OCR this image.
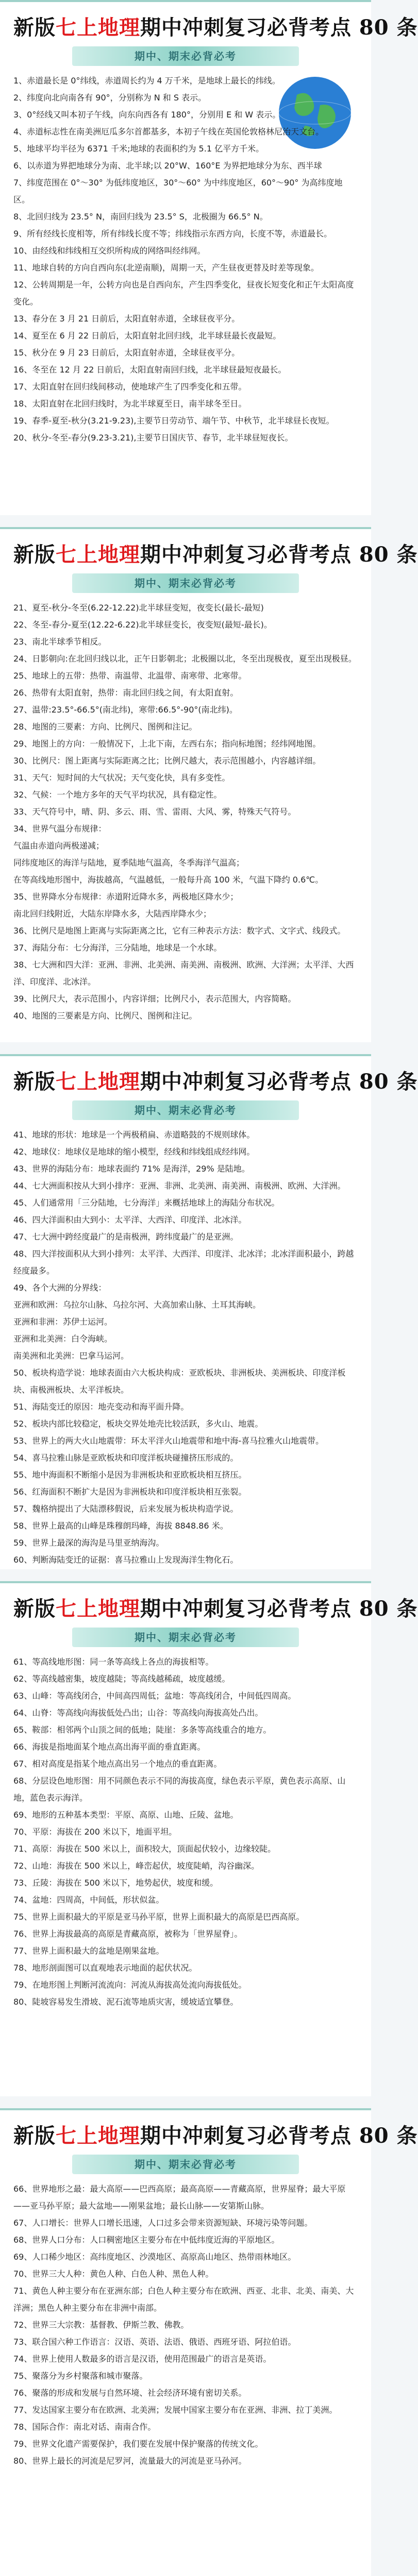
新版七上地理期中冲刺复习必背考点 80 条
期中、期末必背必考

1、赤道最长是 0°纬线，赤道周长约为 4 万千米，是地球上最长的纬线。

2、纬度向北向南各有 90°，分别称为 N 和 S 表示。

3、0°经线又叫本初子午线，向东向西各有 180°，分别用 E 和 W 表示。

4、赤道标志性在南美洲厄瓜多尔首都基多，本初子午线在英国伦敦格林尼治天文台。

5、地球平均半径为 6371 千米;地球的表面积约为 5.1 亿平方千米。

6、以赤道为界把地球分为南、北半球;以 20°W、160°E 为界把地球分为东、西半球

7、纬度范围在 0°～30° 为低纬度地区，30°～60° 为中纬度地区，60°～90° 为高纬度地区。

8、北回归线为 23.5° N，南回归线为 23.5° S，北极圈为 66.5° N。

9、所有经线长度相等，所有纬线长度不等；纬线指示东西方向，长度不等，赤道最长。

10、由经线和纬线相互交织所构成的网络叫经纬网。

11、地球自转的方向自西向东(北逆南顺)，周期一天，产生昼夜更替及时差等现象。

12、公转周期是一年，公转方向也是自西向东，产生四季变化，昼夜长短变化和正午太阳高度变化。

13、春分在 3 月 21 日前后，太阳直射赤道，全球昼夜平分。

14、夏至在 6 月 22 日前后，太阳直射北回归线，北半球昼最长夜最短。

15、秋分在 9 月 23 日前后，太阳直射赤道，全球昼夜平分。

16、冬至在 12 月 22 日前后，太阳直射南回归线，北半球昼最短夜最长。

17、太阳直射在回归线间移动，使地球产生了四季变化和五带。

18、太阳直射在北回归线时，为北半球夏至日，南半球冬至日。

19、春季-夏至-秋分(3.21-9.23),主要节日劳动节、端午节、中秋节，北半球昼长夜短。

20、秋分-冬至-春分(9.23-3.21),主要节日国庆节、春节，北半球昼短夜长。

新版七上地理期中冲刺复习必背考点 80 条
期中、期末必背必考

21、夏至-秋分-冬至(6.22-12.22)北半球昼变短，夜变长(最长-最短)

22、冬至-春分-夏至(12.22-6.22)北半球昼变长，夜变短(最短-最长)。

23、南北半球季节相反。

24、日影朝向:在北回归线以北，正午日影朝北；北极圈以北，冬至出现极夜，夏至出现极昼。

25、地球上的五带：热带、南温带、北温带、南寒带、北寒带。

26、热带有太阳直射，热带：南北回归线之间，有太阳直射。

27、温带:23.5°-66.5°(南北纬)，寒带:66.5°-90°(南北纬)。

28、地图的三要素：方向、比例尺、图例和注记。

29、地图上的方向：一般情况下，上北下南，左西右东；指向标地图；经纬网地图。

30、比例尺：图上距离与实际距离之比；比例尺越大，表示范围越小，内容越详细。

31、天气：短时间的大气状况；天气变化快，具有多变性。

32、气候：一个地方多年的天气平均状况，具有稳定性。

33、天气符号中，晴、阴、多云、雨、雪、雷雨、大风、雾，特殊天气符号。

34、世界气温分布规律：

气温由赤道向两极递减；

同纬度地区的海洋与陆地，夏季陆地气温高，冬季海洋气温高；

在等高线地形图中，海拔越高，气温越低，一般每升高 100 米，气温下降约 0.6℃。

35、世界降水分布规律：赤道附近降水多，两极地区降水少；

南北回归线附近，大陆东岸降水多，大陆西岸降水少；

36、比例尺是地图上距离与实际距离之比，它有三种表示方法：数字式、文字式、线段式。

37、海陆分布：七分海洋，三分陆地，地球是一个水球。

38、七大洲和四大洋：亚洲、非洲、北美洲、南美洲、南极洲、欧洲、大洋洲；太平洋、大西洋、印度洋、北冰洋。

39、比例尺大，表示范围小，内容详细；比例尺小，表示范围大，内容简略。

40、地图的三要素是方向、比例尺、图例和注记。

新版七上地理期中冲刺复习必背考点 80 条
期中、期末必背必考

41、地球的形状：地球是一个两极稍扁、赤道略鼓的不规则球体。

42、地球仪：地球仪是地球的缩小模型，经线和纬线组成经纬网。

43、世界的海陆分布：地球表面约 71% 是海洋，29% 是陆地。

44、七大洲面积按从大到小排序：亚洲、非洲、北美洲、南美洲、南极洲、欧洲、大洋洲。

45、人们通常用「三分陆地，七分海洋」来概括地球上的海陆分布状况。

46、四大洋面积由大到小：太平洋、大西洋、印度洋、北冰洋。

47、七大洲中跨经度最广的是南极洲，跨纬度最广的是亚洲。

48、四大洋按面积从大到小排列：太平洋、大西洋、印度洋、北冰洋；北冰洋面积最小，跨越经度最多。

49、各个大洲的分界线：

亚洲和欧洲：乌拉尔山脉、乌拉尔河、大高加索山脉、土耳其海峡。

亚洲和非洲：苏伊士运河。

亚洲和北美洲：白令海峡。

南美洲和北美洲：巴拿马运河。

50、板块构造学说：地球表面由六大板块构成：亚欧板块、非洲板块、美洲板块、印度洋板块、南极洲板块、太平洋板块。

51、海陆变迁的原因：地壳变动和海平面升降。

52、板块内部比较稳定，板块交界处地壳比较活跃，多火山、地震。

53、世界上的两大火山地震带：环太平洋火山地震带和地中海-喜马拉雅火山地震带。

54、喜马拉雅山脉是亚欧板块和印度洋板块碰撞挤压形成的。

55、地中海面积不断缩小是因为非洲板块和亚欧板块相互挤压。

56、红海面积不断扩大是因为非洲板块和印度洋板块相互张裂。

57、魏格纳提出了大陆漂移假说，后来发展为板块构造学说。

58、世界上最高的山峰是珠穆朗玛峰，海拔 8848.86 米。

59、世界上最深的海沟是马里亚纳海沟。

60、判断海陆变迁的证据：喜马拉雅山上发现海洋生物化石。

新版七上地理期中冲刺复习必背考点 80 条
期中、期末必背必考

61、等高线地形图：同一条等高线上各点的海拔相等。

62、等高线越密集，坡度越陡；等高线越稀疏，坡度越缓。

63、山峰：等高线闭合，中间高四周低；盆地：等高线闭合，中间低四周高。

64、山脊：等高线向海拔低处凸出；山谷：等高线向海拔高处凸出。

65、鞍部：相邻两个山顶之间的低地；陡崖：多条等高线重合的地方。

66、海拔是指地面某个地点高出海平面的垂直距离。

67、相对高度是指某个地点高出另一个地点的垂直距离。

68、分层设色地形图：用不同颜色表示不同的海拔高度，绿色表示平原，黄色表示高原、山地，蓝色表示海洋。

69、地形的五种基本类型：平原、高原、山地、丘陵、盆地。

70、平原：海拔在 200 米以下，地面平坦。

71、高原：海拔在 500 米以上，面积较大，顶面起伏较小，边缘较陡。

72、山地：海拔在 500 米以上，峰峦起伏，坡度陡峭，沟谷幽深。

73、丘陵：海拔在 500 米以下，地势起伏，坡度和缓。

74、盆地：四周高，中间低，形状似盆。

75、世界上面积最大的平原是亚马孙平原，世界上面积最大的高原是巴西高原。

76、世界上海拔最高的高原是青藏高原，被称为「世界屋脊」。

77、世界上面积最大的盆地是刚果盆地。

78、地形剖面图可以直观地表示地面的起伏状况。

79、在地形图上判断河流流向：河流从海拔高处流向海拔低处。

80、陡坡容易发生滑坡、泥石流等地质灾害，缓坡适宜攀登。

新版七上地理期中冲刺复习必背考点 80 条
期中、期末必背必考

66、世界地形之最：最大高原——巴西高原；最高高原——青藏高原，世界屋脊；最大平原——亚马孙平原；最大盆地——刚果盆地；最长山脉——安第斯山脉。

67、人口增长：世界人口增长迅速，人口过多会带来资源短缺、环境污染等问题。

68、世界人口分布：人口稠密地区主要分布在中低纬度近海的平原地区。

69、人口稀少地区：高纬度地区、沙漠地区、高原高山地区、热带雨林地区。

70、世界三大人种：黄色人种、白色人种、黑色人种。

71、黄色人种主要分布在亚洲东部；白色人种主要分布在欧洲、西亚、北非、北美、南美、大洋洲；黑色人种主要分布在非洲中南部。

72、世界三大宗教：基督教、伊斯兰教、佛教。

73、联合国六种工作语言：汉语、英语、法语、俄语、西班牙语、阿拉伯语。

74、世界上使用人数最多的语言是汉语，使用范围最广的语言是英语。

75、聚落分为乡村聚落和城市聚落。

76、聚落的形成和发展与自然环境、社会经济环境有密切关系。

77、发达国家主要分布在欧洲、北美洲；发展中国家主要分布在亚洲、非洲、拉丁美洲。

78、国际合作：南北对话、南南合作。

79、世界文化遗产需要保护，我们要在发展中保护聚落的传统文化。

80、世界上最长的河流是尼罗河，流量最大的河流是亚马孙河。
